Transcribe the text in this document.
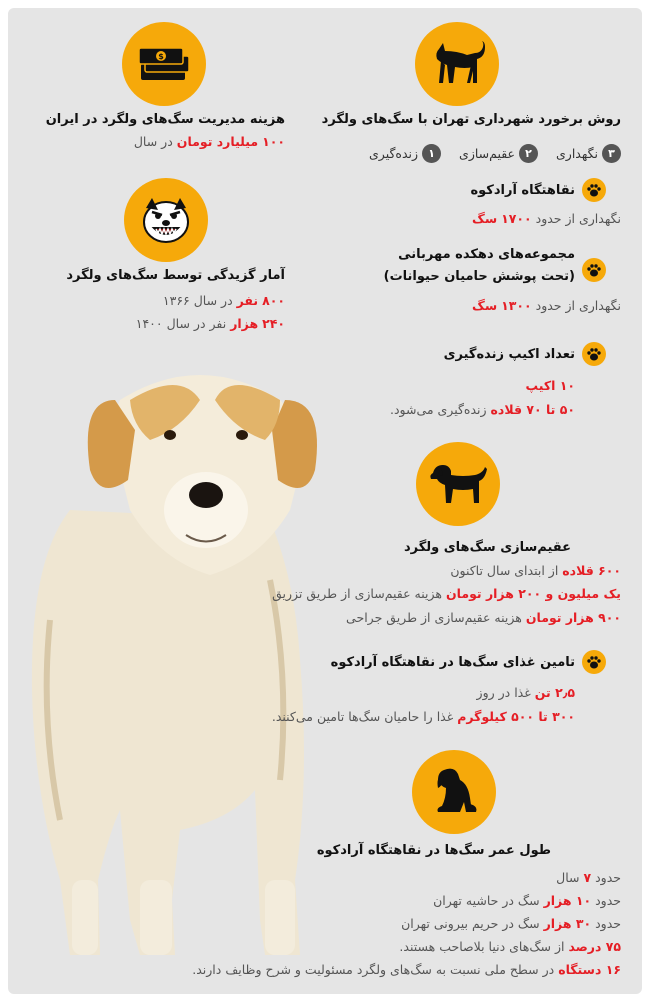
$
هزینه مدیریت سگ‌های ولگرد در ایران
۱۰۰ میلیارد تومان در سال
آمار گزیدگی توسط سگ‌های ولگرد
۸۰۰ نفر در سال ۱۳۶۶
۲۴۰ هزار نفر در سال ۱۴۰۰
روش برخورد شهرداری تهران با سگ‌های ولگرد
۱
زنده‌گیری
	۲
عقیم‌سازی
	۳
نگهداری
نقاهتگاه آرادکوه
نگهداری از حدود ۱۷۰۰ سگ
مجموعه‌های دهکده مهربانی
(تحت پوشش حامیان حیوانات)
نگهداری از حدود ۱۳۰۰ سگ
تعداد اکیپ زنده‌گیری
۱۰ اکیپ
۵۰ تا ۷۰ قلاده زنده‌گیری می‌شود.
عقیم‌سازی سگ‌های ولگرد
۶۰۰ قلاده از ابتدای سال تاکنون
یک میلیون و ۲۰۰ هزار تومان هزینه عقیم‌سازی از طریق تزریق
۹۰۰ هزار تومان هزینه عقیم‌سازی از طریق جراحی
تامین غذای سگ‌ها در نقاهتگاه آرادکوه
۲٫۵ تن غذا در روز
۳۰۰ تا ۵۰۰ کیلوگرم غذا را حامیان سگ‌ها تامین می‌کنند.
طول عمر سگ‌ها در نقاهتگاه آرادکوه
حدود ۷ سال
حدود ۱۰ هزار سگ در حاشیه تهران
حدود ۳۰ هزار سگ در حریم بیرونی تهران
۷۵ درصد از سگ‌های دنیا بلاصاحب هستند.
۱۶ دستگاه در سطح ملی نسبت به سگ‌های ولگرد مسئولیت و شرح وظایف دارند.
